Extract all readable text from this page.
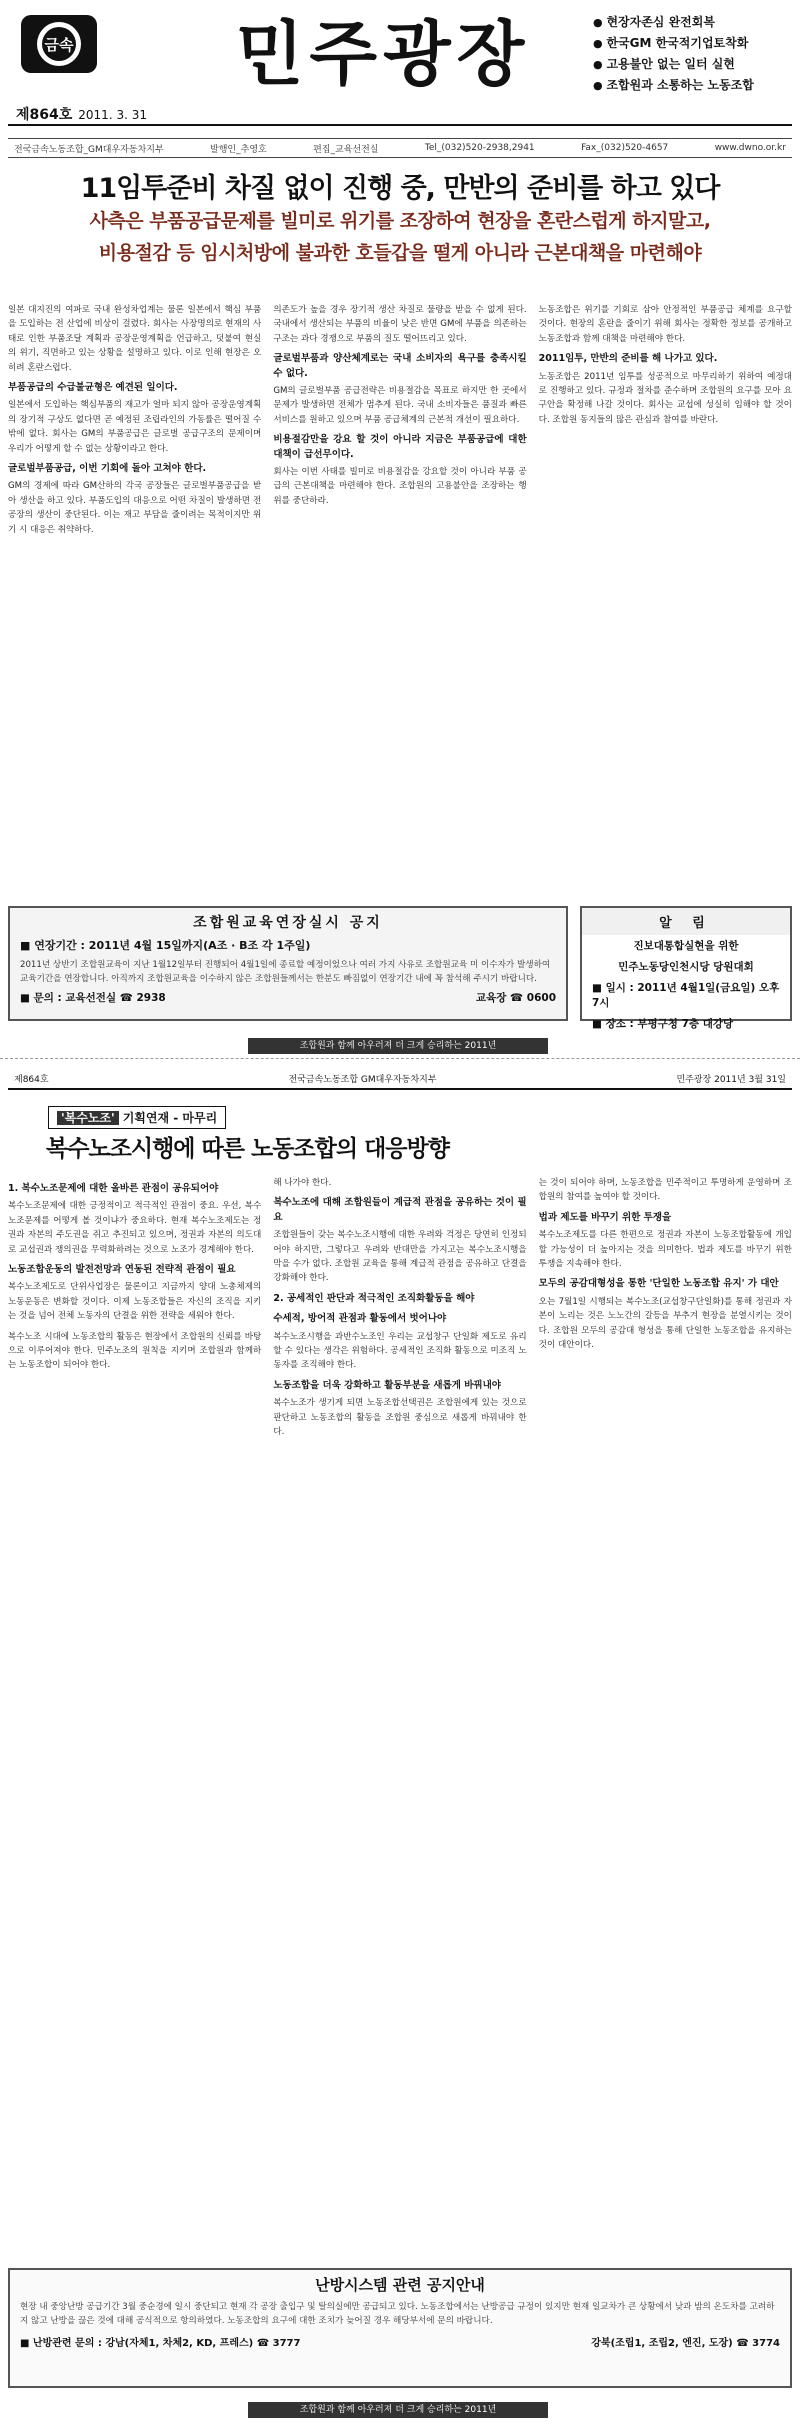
금속
제864호 2011. 3. 31
민주광장
●	현장자존심 완전회복
● 한국GM 한국적기업토착화
● 고용불안 없는 일터 실현
● 조합원과 소통하는 노동조합
전국금속노동조합_GM대우자동차지부	발행인_추영호	편집_교육선전실	Tel_(032)520-2938,2941	Fax_(032)520-4657	www.dwno.or.kr
11임투준비 차질 없이 진행 중, 만반의 준비를 하고 있다
사측은 부품공급문제를 빌미로 위기를 조장하여 현장을 혼란스럽게 하지말고,
비용절감 등 임시처방에 불과한 호들갑을 떨게 아니라 근본대책을 마련해야

일본 대지진의 여파로 국내 완성차업계는 물론 일본에서 핵심 부품을 도입하는 전 산업에 비상이 걸렸다. 회사는 사장명의로 현재의 사태로 인한 부품조달 계획과 공장운영계획을 언급하고, 덧붙여 현실의 위기, 직면하고 있는 상황을 설명하고 있다. 이로 인해 현장은 오히려 혼란스럽다.

부품공급의 수급불균형은 예견된 일이다.

일본에서 도입하는 핵심부품의 재고가 얼마 되지 않아 공장운영계획의 장기적 구상도 없다면 곧 예정된 조립라인의 가동률은 떨어질 수밖에 없다. 회사는 GM의 부품공급은 글로벌 공급구조의 문제이며 우리가 어떻게 할 수 없는 상황이라고 한다.

글로벌부품공급, 이번 기회에 돌아 고쳐야 한다.

GM의 경제에 따라 GM산하의 각국 공장들은 글로벌부품공급을 받아 생산을 하고 있다. 부품도입의 대응으로 어떤 차질이 발생하면 전 공장의 생산이 중단된다. 이는 재고 부담을 줄이려는 목적이지만 위기 시 대응은 취약하다.

의존도가 높을 경우 장기적 생산 차질로 물량을 받을 수 없게 된다. 국내에서 생산되는 부품의 비율이 낮은 반면 GM에 부품을 의존하는 구조는 과다 경쟁으로 부품의 질도 떨어뜨리고 있다.

글로벌부품과 양산체계로는 국내 소비자의 욕구를 충족시킬 수 없다.

GM의 글로벌부품 공급전략은 비용절감을 목표로 하지만 한 곳에서 문제가 발생하면 전체가 멈추게 된다. 국내 소비자들은 품질과 빠른 서비스를 원하고 있으며 부품 공급체계의 근본적 개선이 필요하다.

비용절감만을 강요 할 것이 아니라 지금은 부품공급에 대한 대책이 급선무이다.

회사는 이번 사태를 빌미로 비용절감을 강요할 것이 아니라 부품 공급의 근본대책을 마련해야 한다. 조합원의 고용불안을 조장하는 행위를 중단하라.

노동조합은 위기를 기회로 삼아 안정적인 부품공급 체계를 요구할 것이다. 현장의 혼란을 줄이기 위해 회사는 정확한 정보를 공개하고 노동조합과 함께 대책을 마련해야 한다.

2011임투, 만반의 준비를 해 나가고 있다.

노동조합은 2011년 임투를 성공적으로 마무리하기 위하여 예정대로 진행하고 있다. 규정과 절차를 준수하며 조합원의 요구를 모아 요구안을 확정해 나갈 것이다. 회사는 교섭에 성실히 임해야 할 것이다. 조합원 동지들의 많은 관심과 참여를 바란다.

조합원교육연장실시 공지
■ 연장기간 : 2011년 4월 15일까지(A조 · B조 각 1주일)
2011년 상반기 조합원교육이 지난 1월12일부터 진행되어 4월1일에 종료할 예정이었으나 여러 가지 사유로 조합원교육 미 이수자가 발생하여 교육기간을 연장합니다. 아직까지 조합원교육을 이수하지 않은 조합원들께서는 한분도 빠짐없이 연장기간 내에 꼭 참석해 주시기 바랍니다.
■ 문의 : 교육선전실 ☎ 2938	교육장 ☎ 0600
알 림
진보대통합실현을 위한
민주노동당인천시당 당원대회
■ 일시 : 2011년 4월1일(금요일) 오후 7시
■ 장소 : 부평구청 7층 대강당
조합원과 함께 아우러져 더 크게 승리하는 2011년
제864호	전국금속노동조합 GM대우자동차지부	민주광장 2011년 3월 31일
'복수노조' 기획연재 - 마무리
복수노조시행에 따른 노동조합의 대응방향
1. 복수노조문제에 대한 올바른 관점이 공유되어야

복수노조문제에 대한 긍정적이고 적극적인 관점이 중요. 우선, 복수노조문제를 어떻게 볼 것이냐가 중요하다. 현재 복수노조제도는 정권과 자본의 주도권을 쥐고 추진되고 있으며, 정권과 자본의 의도대로 교섭권과 쟁의권을 무력화하려는 것으로 노조가 경계해야 한다.

노동조합운동의 발전전망과 연동된 전략적 관점이 필요

복수노조제도로 단위사업장은 물론이고 지금까지 양대 노총체제의 노동운동은 변화할 것이다. 이제 노동조합들은 자신의 조직을 지키는 것을 넘어 전체 노동자의 단결을 위한 전략을 세워야 한다.

복수노조 시대에 노동조합의 활동은 현장에서 조합원의 신뢰를 바탕으로 이루어져야 한다. 민주노조의 원칙을 지키며 조합원과 함께하는 노동조합이 되어야 한다.

해 나가야 한다.

복수노조에 대해 조합원들이 계급적 관점을 공유하는 것이 필요

조합원들이 갖는 복수노조시행에 대한 우려와 걱정은 당연히 인정되어야 하지만, 그렇다고 우려와 반대만을 가지고는 복수노조시행을 막을 수가 없다. 조합원 교육을 통해 계급적 관점을 공유하고 단결을 강화해야 한다.

2. 공세적인 판단과 적극적인 조직화활동을 해야
수세적, 방어적 관점과 활동에서 벗어나야

복수노조시행을 과반수노조인 우리는 교섭창구 단일화 제도로 유리할 수 있다는 생각은 위험하다. 공세적인 조직화 활동으로 미조직 노동자를 조직해야 한다.

노동조합을 더욱 강화하고 활동부분을 새롭게 바꿔내야

복수노조가 생기게 되면 노동조합선택권은 조합원에게 있는 것으로 판단하고 노동조합의 활동을 조합원 중심으로 새롭게 바꿔내야 한다.

는 것이 되어야 하며, 노동조합을 민주적이고 투명하게 운영하며 조합원의 참여를 높여야 할 것이다.

법과 제도를 바꾸기 위한 투쟁을

복수노조제도를 다른 한편으로 정권과 자본이 노동조합활동에 개입할 가능성이 더 높아지는 것을 의미한다. 법과 제도를 바꾸기 위한 투쟁을 지속해야 한다.

모두의 공감대형성을 통한 '단일한 노동조합 유지' 가 대안

오는 7월1일 시행되는 복수노조(교섭창구단일화)를 통해 정권과 자본이 노리는 것은 노노간의 갈등을 부추겨 현장을 분열시키는 것이다. 조합원 모두의 공감대 형성을 통해 단일한 노동조합을 유지하는 것이 대안이다.

난방시스템 관련 공지안내
현장 내 중앙난방 공급기간 3월 중순경에 일시 중단되고 현재 각 공장 출입구 및 탈의실에만 공급되고 있다. 노동조합에서는 난방공급 규정이 있지만 현재 일교차가 큰 상황에서 낮과 밤의 온도차를 고려하지 않고 난방을 끊은 것에 대해 공식적으로 항의하였다. 노동조합의 요구에 대한 조치가 늦어질 경우 해당부서에 문의 바랍니다.
■ 난방관련 문의 : 강남(자체1, 차체2, KD, 프레스) ☎ 3777	강북(조립1, 조립2, 엔진, 도장) ☎ 3774
조합원과 함께 아우러져 더 크게 승리하는 2011년
